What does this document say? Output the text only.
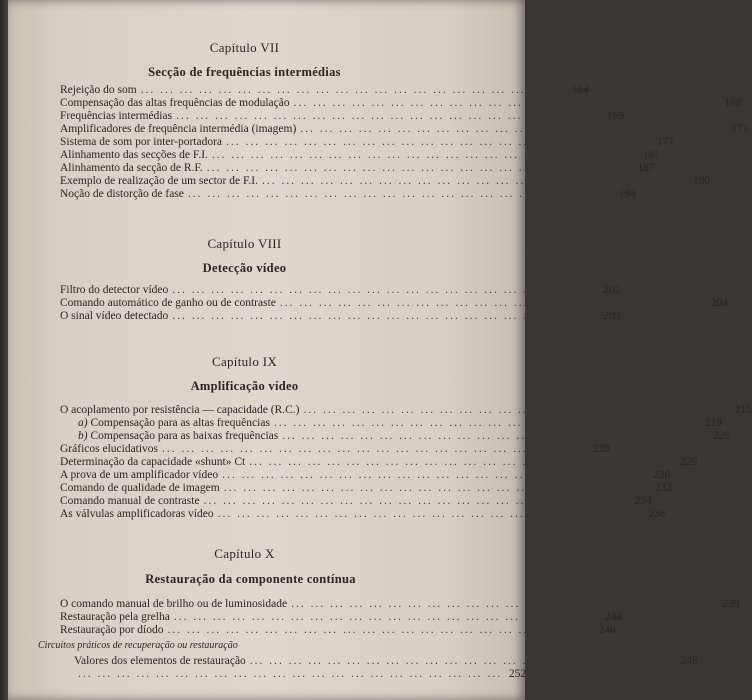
Capítulo VII
Secção de frequências intermédias
Rejeição do som ... ... ... ... ... ... ... ... ... ... ... ... ... ... ... ... ... ... ... ... ... ... 164
Compensação das altas frequências de modulação ... ... ... ... ... ... ... ... ... ... ... ... ... ... ... ... ... ... ... ... ... ... 168
Frequências intermédias ... ... ... ... ... ... ... ... ... ... ... ... ... ... ... ... ... ... ... ... ... ... 169
Amplificadores de frequência intermédia (imagem) ... ... ... ... ... ... ... ... ... ... ... ... ... ... ... ... ... ... ... ... ... ... 171
Sistema de som por inter-portadora ... ... ... ... ... ... ... ... ... ... ... ... ... ... ... ... ... ... ... ... ... ... 177
Alinhamento das secções de F.I. ... ... ... ... ... ... ... ... ... ... ... ... ... ... ... ... ... ... ... ... ... ... 181
Alinhamento da secção de R.F. ... ... ... ... ... ... ... ... ... ... ... ... ... ... ... ... ... ... ... ... ... ... 187
Exemplo de realização de um sector de F.I. ... ... ... ... ... ... ... ... ... ... ... ... ... ... ... ... ... ... ... ... ... ... 190
Noção de distorção de fase ... ... ... ... ... ... ... ... ... ... ... ... ... ... ... ... ... ... ... ... ... ... 194
Capítulo VIII
Detecção vídeo
Filtro do detector vídeo ... ... ... ... ... ... ... ... ... ... ... ... ... ... ... ... ... ... ... ... ... ... 202
Comando automático de ganho ou de contraste ... ... ... ... ... ... ... ... ... ... ... ... ... ... ... ... ... ... ... ... ... ... 204
O sinal vídeo detectado ... ... ... ... ... ... ... ... ... ... ... ... ... ... ... ... ... ... ... ... ... ... 209
Capítulo IX
Amplificação vídeo
O acoplamento por resistência — capacidade (R.C.) ... ... ... ... ... ... ... ... ... ... ... ... ... ... ... ... ... ... ... ... ... ... 215
a) Compensação para as altas frequências ... ... ... ... ... ... ... ... ... ... ... ... ... ... ... ... ... ... ... ... ... ... 219
b) Compensação para as baixas frequências ... ... ... ... ... ... ... ... ... ... ... ... ... ... ... ... ... ... ... ... ... ... 225
Gráficos elucidativos ... ... ... ... ... ... ... ... ... ... ... ... ... ... ... ... ... ... ... ... ... ... 228
Determinação da capacidade «shunt» Ct ... ... ... ... ... ... ... ... ... ... ... ... ... ... ... ... ... ... ... ... ... ... 229
A prova de um amplificador vídeo ... ... ... ... ... ... ... ... ... ... ... ... ... ... ... ... ... ... ... ... ... ... 230
Comando de qualidade de imagem ... ... ... ... ... ... ... ... ... ... ... ... ... ... ... ... ... ... ... ... ... ... 232
Comando manual de contraste ... ... ... ... ... ... ... ... ... ... ... ... ... ... ... ... ... ... ... ... ... ... 234
As válvulas amplificadoras vídeo ... ... ... ... ... ... ... ... ... ... ... ... ... ... ... ... ... ... ... ... ... ... 236
Capítulo X
Restauração da componente contínua
O comando manual de brilho ou de luminosidade ... ... ... ... ... ... ... ... ... ... ... ... ... ... ... ... ... ... ... ... ... ... 239
Restauração pela grelha ... ... ... ... ... ... ... ... ... ... ... ... ... ... ... ... ... ... ... ... ... ... 244
Restauração por díodo ... ... ... ... ... ... ... ... ... ... ... ... ... ... ... ... ... ... ... ... ... ... 246
Circuitos práticos de recuperação ou restauração
Valores dos elementos de restauração ... ... ... ... ... ... ... ... ... ... ... ... ... ... ... ... ... ... ... ... ... ... 248
... ... ... ... ... ... ... ... ... ... ... ... ... ... ... ... ... ... ... ... ... ... 252
